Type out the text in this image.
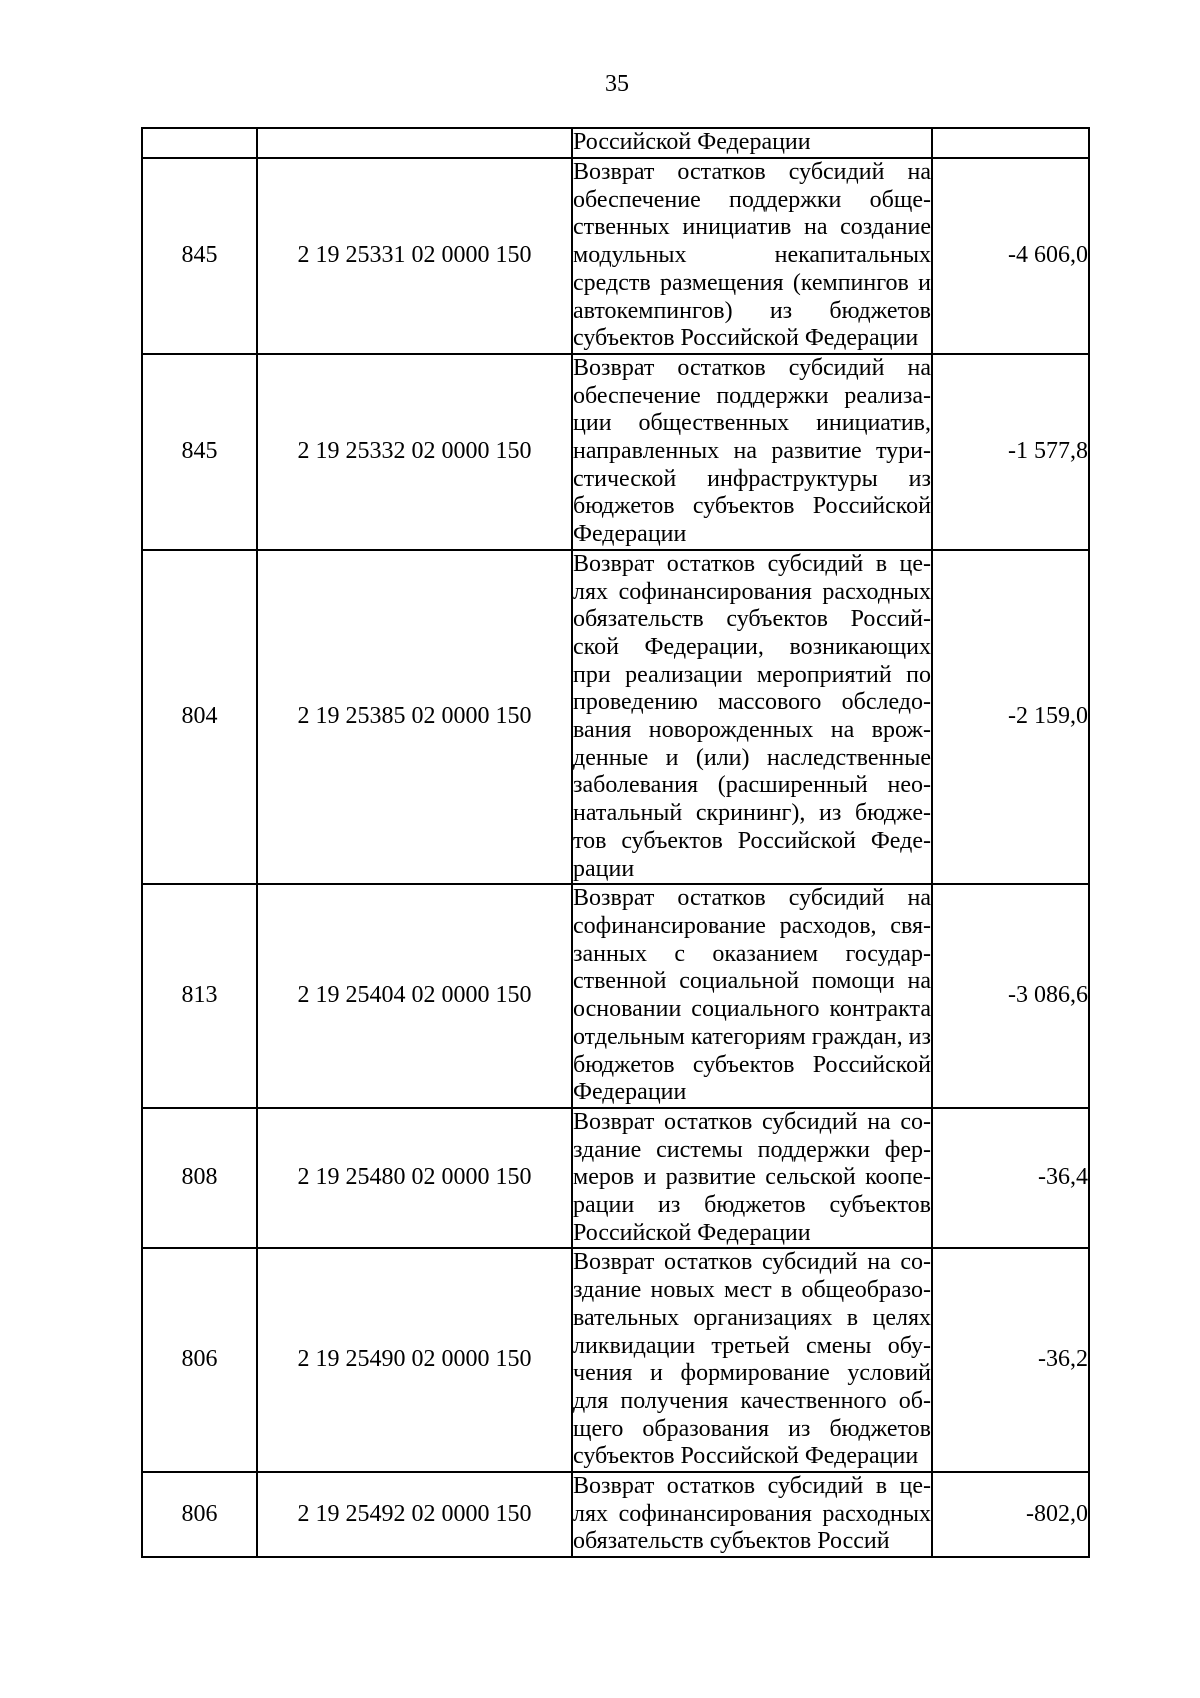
35
		Российской Федерации	
845	2 19 25331 02 0000 150	Возврат остатков субсидий на обеспечение поддержки общественных инициатив на создание модульных некапитальных средств размещения (кемпингов и автокемпингов) из бюджетов субъектов Российской Федерации	-4 606,0
845	2 19 25332 02 0000 150	Возврат остатков субсидий на обеспечение поддержки реализации общественных инициатив, направленных на развитие туристической инфраструктуры из бюджетов субъектов Российской Федерации	-1 577,8
804	2 19 25385 02 0000 150	Возврат остатков субсидий в целях софинансирования расходных обязательств субъектов Российской Федерации, возникающих при реализации мероприятий по проведению массового обследования новорожденных на врожденные и (или) наследственные заболевания (расширенный неонатальный скрининг), из бюджетов субъектов Российской Федерации	-2 159,0
813	2 19 25404 02 0000 150	Возврат остатков субсидий на софинансирование расходов, связанных с оказанием государственной социальной помощи на основании социального контракта отдельным категориям граждан, из бюджетов субъектов Российской Федерации	-3 086,6
808	2 19 25480 02 0000 150	Возврат остатков субсидий на создание системы поддержки фермеров и развитие сельской кооперации из бюджетов субъектов Российской Федерации	-36,4
806	2 19 25490 02 0000 150	Возврат остатков субсидий на создание новых мест в общеобразовательных организациях в целях ликвидации третьей смены обучения и формирование условий для получения качественного общего образования из бюджетов субъектов Российской Федерации	-36,2
806	2 19 25492 02 0000 150	Возврат остатков субсидий в целях софинансирования расходных обязательств субъектов Россий	-802,0
